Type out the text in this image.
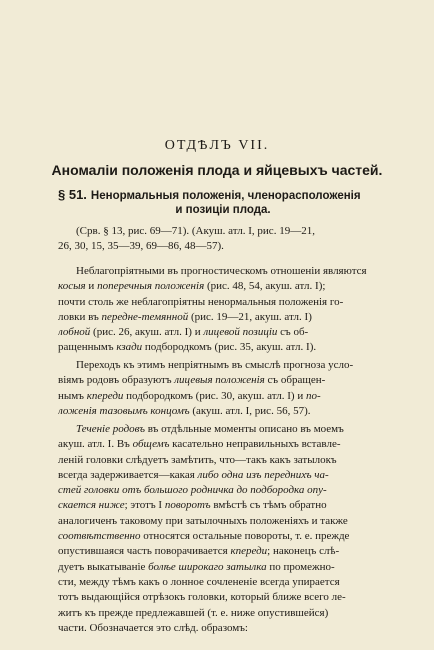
ОТДѢЛЪ VII.
Аномаліи положенія плода и яйцевыхъ частей.
§ 51. Ненормальныя положенія, членорасположенія
и позиціи плода.
(Срв. § 13, рис. 69—71). (Акуш. атл. I, рис. 19—21,
26, 30, 15, 35—39, 69—86, 48—57).
Неблагопріятными въ прогностическомъ отношеніи являются
косыя и поперечныя положенія (рис. 48, 54, акуш. атл. I);
почти столь же неблагопріятны ненормальныя положенія го-
ловки въ передне-темянной (рис. 19—21, акуш. атл. I)
лобной (рис. 26, акуш. атл. I) и лицевой позиціи съ об-
ращеннымъ кзади подбородкомъ (рис. 35, акуш. атл. I).
Переходъ къ этимъ непріятнымъ въ смыслѣ прогноза усло-
віямъ родовъ образуютъ лицевыя положенія съ обращен-
нымъ кпереди подбородкомъ (рис. 30, акуш. атл. I) и по-
ложенія тазовымъ концомъ (акуш. атл. I, рис. 56, 57).
Теченіе родовъ въ отдѣльные моменты описано въ моемъ
акуш. атл. I. Въ общемъ касательно неправильныхъ вставле-
леній головки слѣдуетъ замѣтить, что—такъ какъ затылокъ
всегда задерживается—какая либо одна изъ переднихъ ча-
стей головки отъ большого родничка до подбородка опу-
скается ниже; этотъ I поворотъ вмѣстѣ съ тѣмъ обратно
аналогиченъ таковому при затылочныхъ положеніяхъ и также
соотвѣтственно относятся остальные повороты, т. е. прежде
опустившаяся часть поворачивается кпереди; наконецъ слѣ-
дуетъ выкатываніе болѣе широкаго затылка по промежно-
сти, между тѣмъ какъ о лонное сочлененіе всегда упирается
тотъ выдающійся отрѣзокъ головки, который ближе всего ле-
житъ къ прежде предлежавшей (т. е. ниже опустившейся)
части. Обозначается это слѣд. образомъ:
